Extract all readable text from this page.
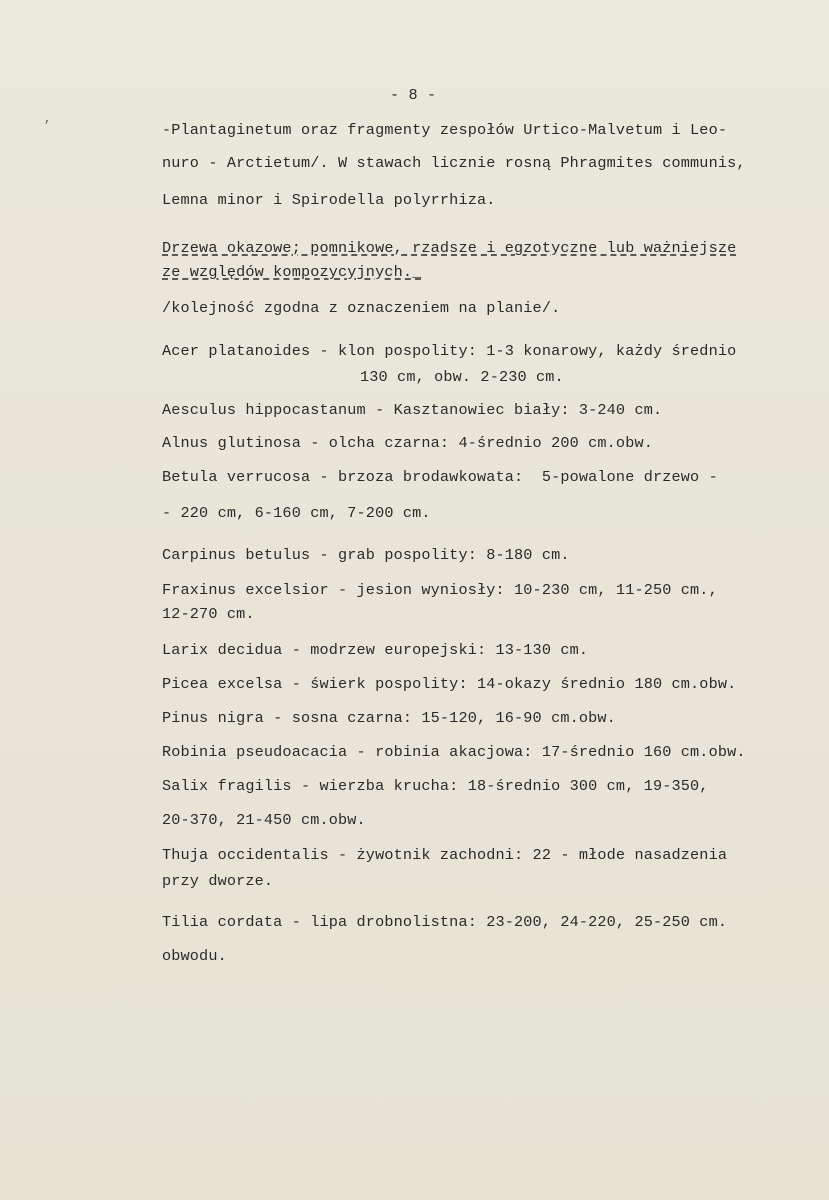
- 8 -
,
-Plantaginetum oraz fragmenty zespołów Urtico-Malvetum i Leo-
nuro - Arctietum/. W stawach licznie rosną Phragmites communis,
Lemna minor i Spirodella polyrrhiza.
Drzewa okazowe; pomnikowe, rzadsze i egzotyczne lub ważniejsze
ze względów kompozycyjnych._
/kolejność zgodna z oznaczeniem na planie/.
Acer platanoides - klon pospolity: 1-3 konarowy, każdy średnio
130 cm, obw. 2-230 cm.
Aesculus hippocastanum - Kasztanowiec biały: 3-240 cm.
Alnus glutinosa - olcha czarna: 4-średnio 200 cm.obw.
Betula verrucosa - brzoza brodawkowata:  5-powalone drzewo -
- 220 cm, 6-160 cm, 7-200 cm.
Carpinus betulus - grab pospolity: 8-180 cm.
Fraxinus excelsior - jesion wyniosły: 10-230 cm, 11-250 cm.,
12-270 cm.
Larix decidua - modrzew europejski: 13-130 cm.
Picea excelsa - świerk pospolity: 14-okazy średnio 180 cm.obw.
Pinus nigra - sosna czarna: 15-120, 16-90 cm.obw.
Robinia pseudoacacia - robinia akacjowa: 17-średnio 160 cm.obw.
Salix fragilis - wierzba krucha: 18-średnio 300 cm, 19-350,
20-370, 21-450 cm.obw.
Thuja occidentalis - żywotnik zachodni: 22 - młode nasadzenia
przy dworze.
Tilia cordata - lipa drobnolistna: 23-200, 24-220, 25-250 cm.
obwodu.
